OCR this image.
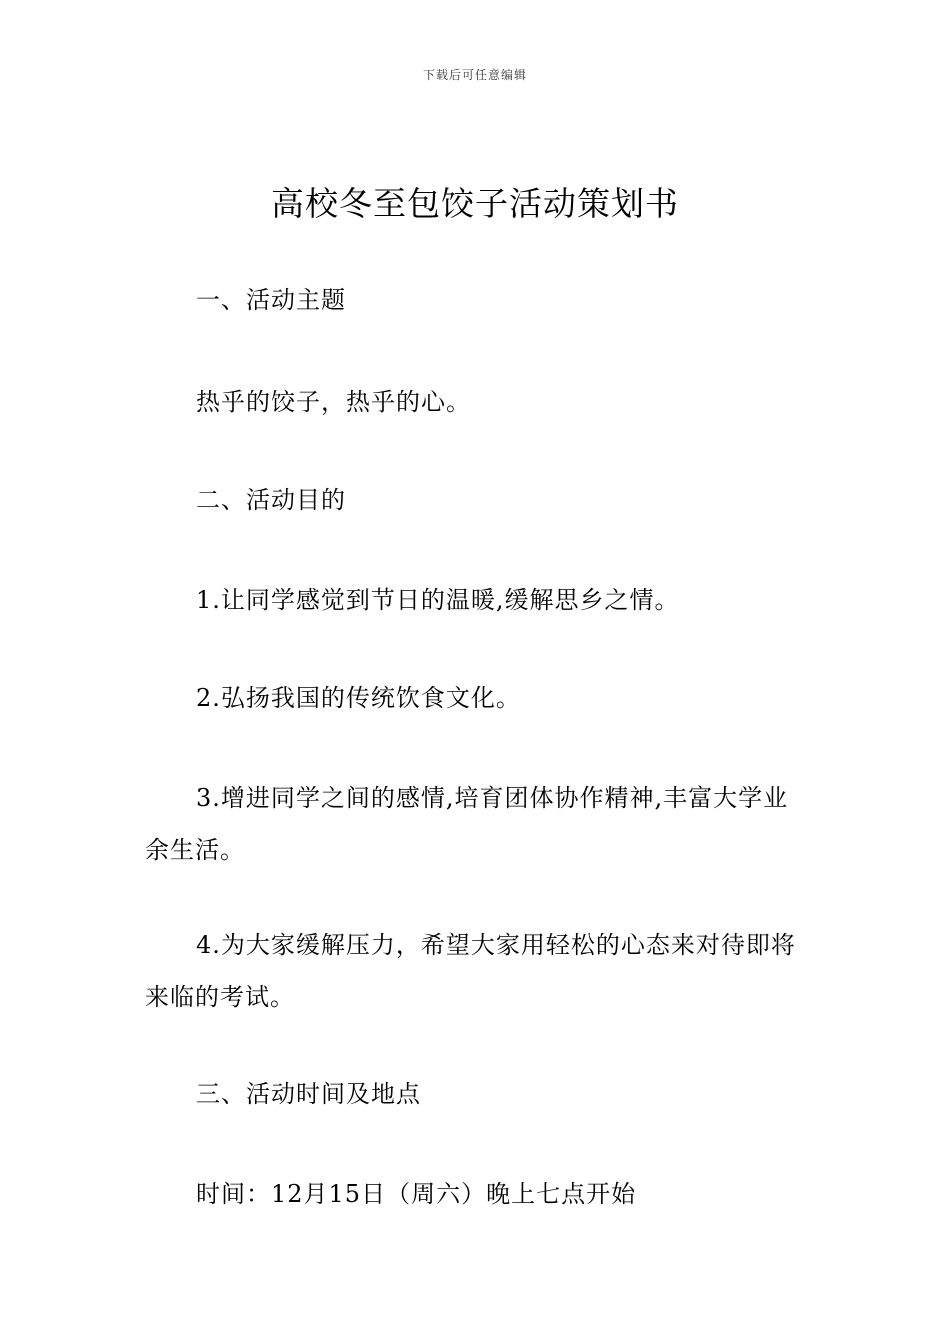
下载后可任意编辑
高校冬至包饺子活动策划书
一、活动主题
热乎的饺子，热乎的心。
二、活动目的
1.让同学感觉到节日的温暖,缓解思乡之情。
2.弘扬我国的传统饮食文化。
3.增进同学之间的感情,培育团体协作精神,丰富大学业余生活。
4.为大家缓解压力，希望大家用轻松的心态来对待即将来临的考试。
三、活动时间及地点
时间：12月15日（周六）晚上七点开始
